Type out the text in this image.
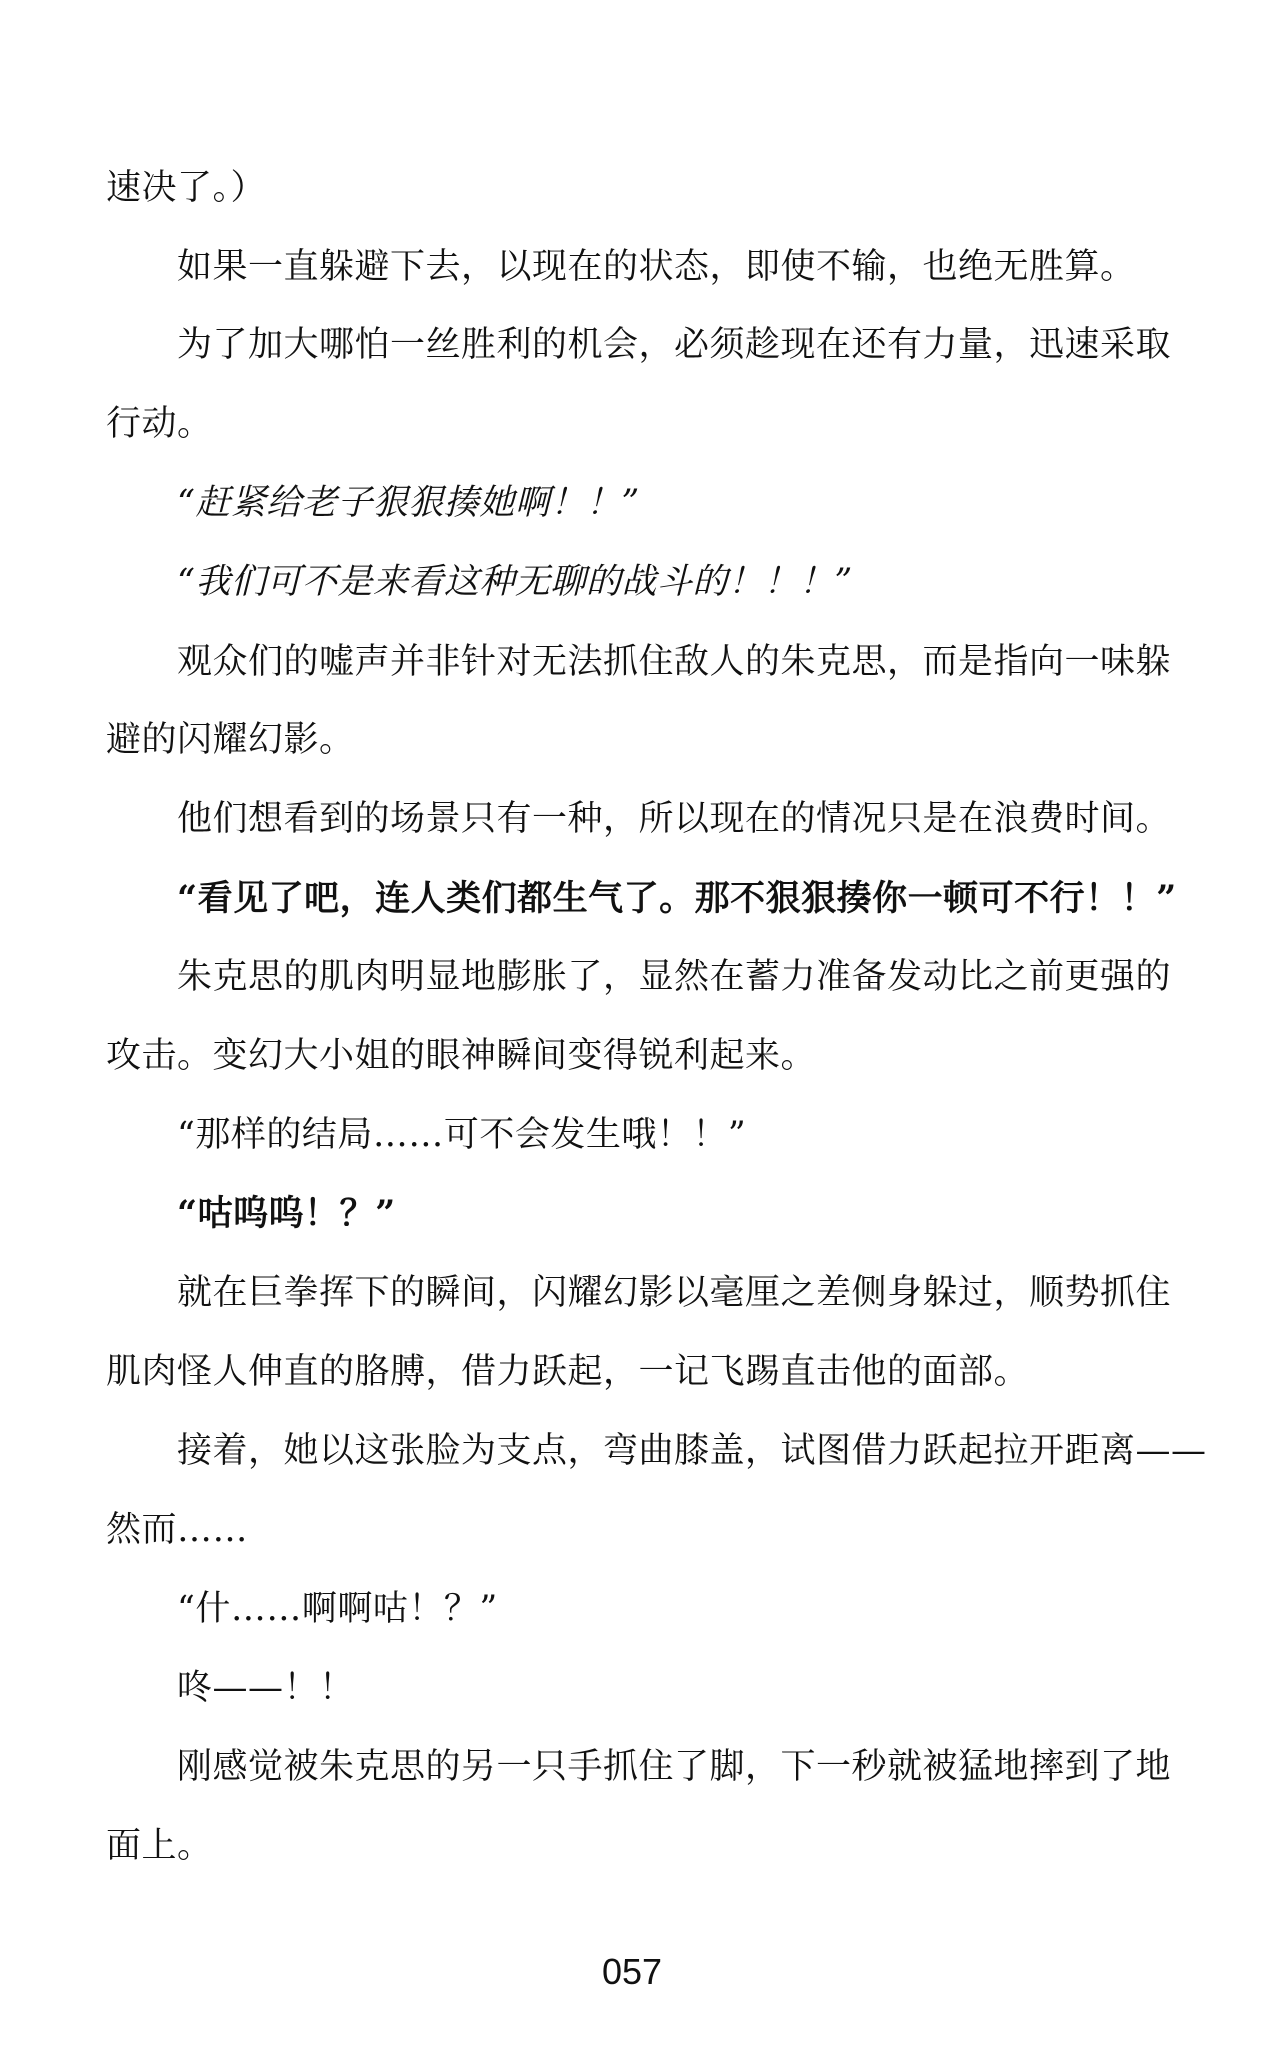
速决了。）
如果一直躲避下去，以现在的状态，即使不输，也绝无胜算。
为了加大哪怕一丝胜利的机会，必须趁现在还有力量，迅速采取
行动。
“赶紧给老子狠狠揍她啊！！”
“我们可不是来看这种无聊的战斗的！！！”
观众们的嘘声并非针对无法抓住敌人的朱克思，而是指向一味躲
避的闪耀幻影。
他们想看到的场景只有一种，所以现在的情况只是在浪费时间。
“看见了吧，连人类们都生气了。那不狠狠揍你一顿可不行！！”
朱克思的肌肉明显地膨胀了，显然在蓄力准备发动比之前更强的
攻击。变幻大小姐的眼神瞬间变得锐利起来。
“那样的结局……可不会发生哦！！”
“咕呜呜！？”
就在巨拳挥下的瞬间，闪耀幻影以毫厘之差侧身躲过，顺势抓住
肌肉怪人伸直的胳膊，借力跃起，一记飞踢直击他的面部。
接着，她以这张脸为支点，弯曲膝盖，试图借力跃起拉开距离——
然而……
“什……啊啊咕！？”
咚——！！
刚感觉被朱克思的另一只手抓住了脚，下一秒就被猛地摔到了地
面上。
057
